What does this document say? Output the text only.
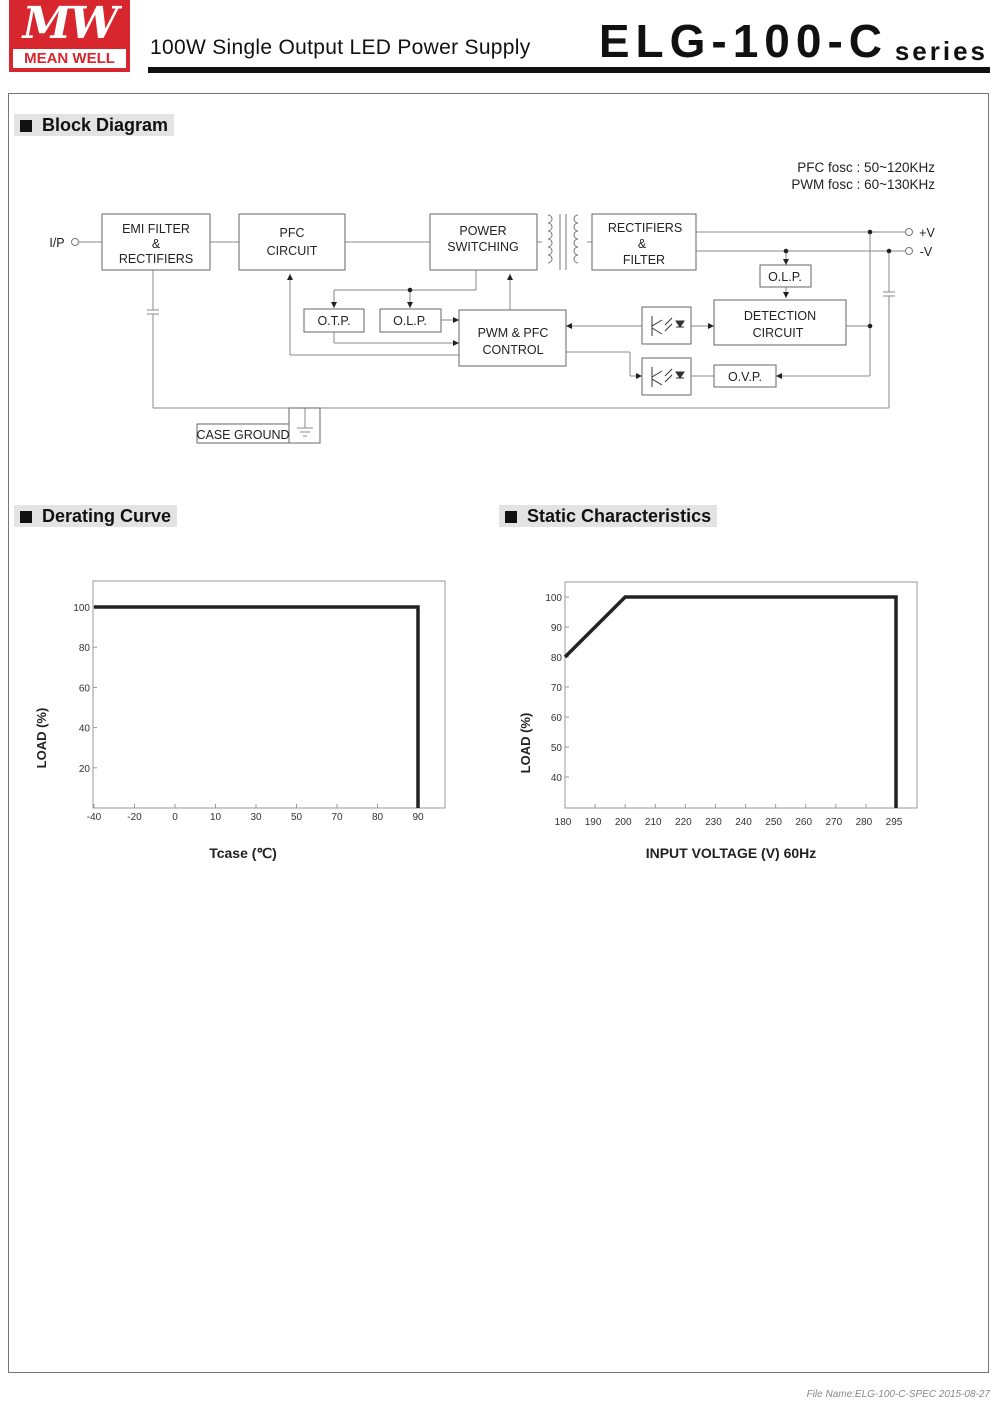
MW
MEAN WELL	100W Single Output LED Power Supply ELG-100-C series
Block Diagram
PFC fosc : 50~120KHz
PWM fosc : 60~130KHz
I/P
+V
-V
EMI FILTER
&
RECTIFIERS
PFC
CIRCUIT
POWER
SWITCHING
RECTIFIERS
&
FILTER
O.L.P.
DETECTION
CIRCUIT
O.T.P.	O.L.P.
PWM & PFC
CONTROL
O.V.P.
CASE GROUND
Derating Curve
100
80
60
40
20
-40	-20	0	10	30	50	70	80	90
LOAD (%)
Tcase (℃)
Static Characteristics
100
90
80
70
60
50
40
180 190 200 210 220 230 240 250 260 270 280 295
LOAD (%)
INPUT VOLTAGE (V) 60Hz
File Name:ELG-100-C-SPEC 2015-08-27
